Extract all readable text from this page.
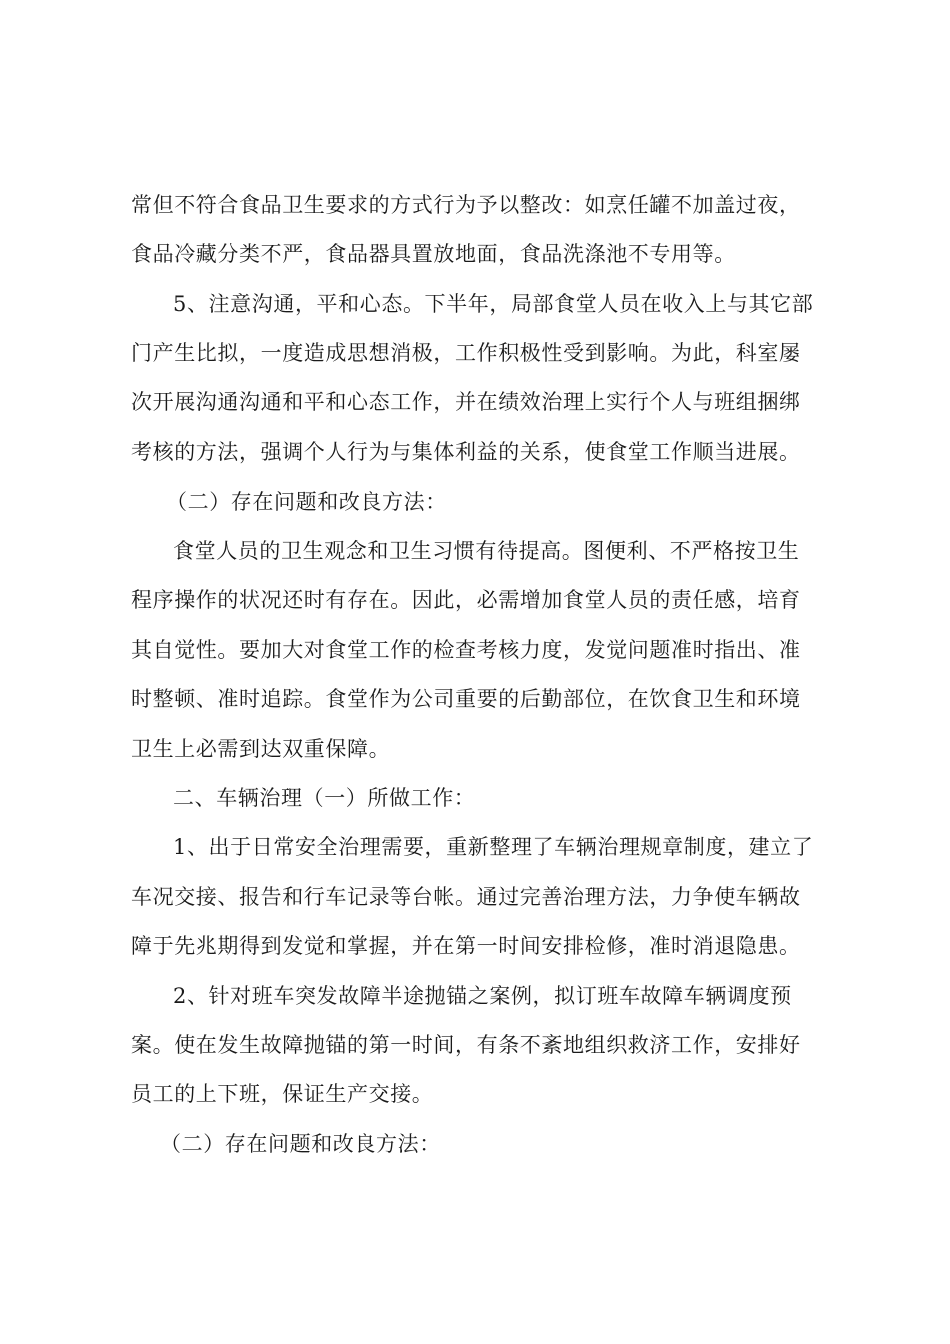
常但不符合食品卫生要求的方式行为予以整改：如烹任罐不加盖过夜，
食品冷藏分类不严，食品器具置放地面，食品洗涤池不专用等。
5、注意沟通，平和心态。下半年，局部食堂人员在收入上与其它部
门产生比拟，一度造成思想消极，工作积极性受到影响。为此，科室屡
次开展沟通沟通和平和心态工作，并在绩效治理上实行个人与班组捆绑
考核的方法，强调个人行为与集体利益的关系，使食堂工作顺当进展。
（二）存在问题和改良方法：
食堂人员的卫生观念和卫生习惯有待提高。图便利、不严格按卫生
程序操作的状况还时有存在。因此，必需增加食堂人员的责任感，培育
其自觉性。要加大对食堂工作的检查考核力度，发觉问题准时指出、准
时整顿、准时追踪。食堂作为公司重要的后勤部位，在饮食卫生和环境
卫生上必需到达双重保障。
二、车辆治理（一）所做工作：
1、出于日常安全治理需要，重新整理了车辆治理规章制度，建立了
车况交接、报告和行车记录等台帐。通过完善治理方法，力争使车辆故
障于先兆期得到发觉和掌握，并在第一时间安排检修，准时消退隐患。
2、针对班车突发故障半途抛锚之案例，拟订班车故障车辆调度预
案。使在发生故障抛锚的第一时间，有条不紊地组织救济工作，安排好
员工的上下班，保证生产交接。
（二）存在问题和改良方法：
